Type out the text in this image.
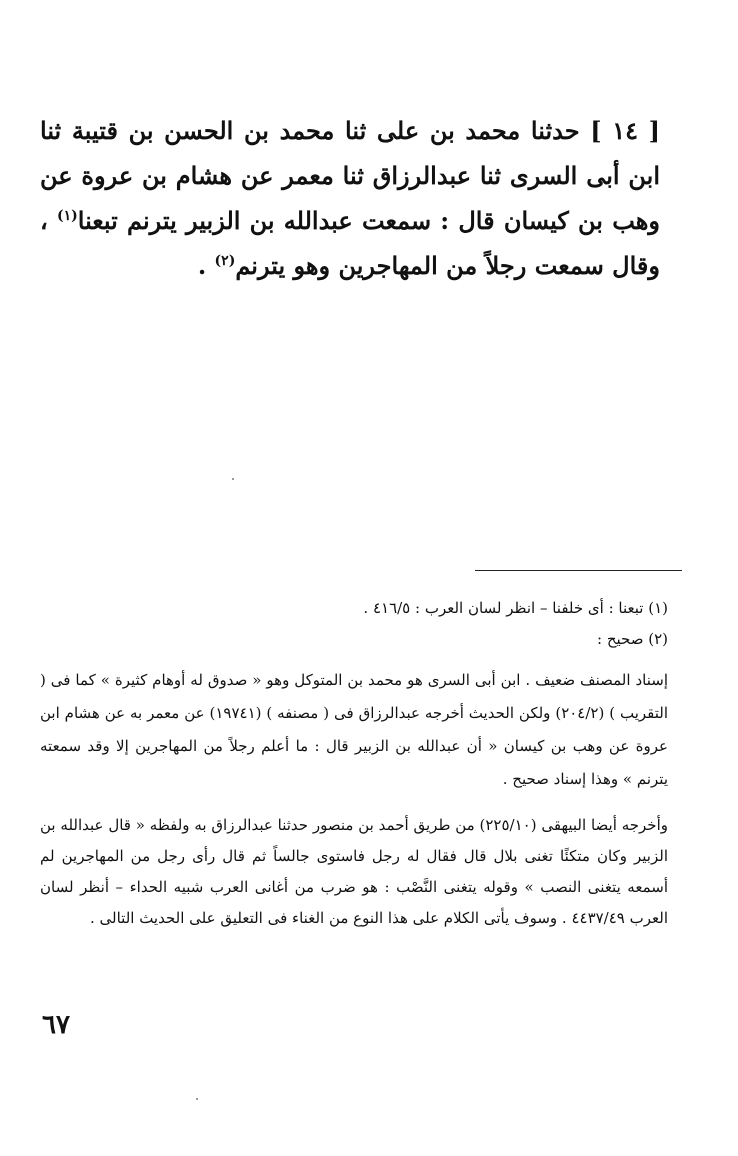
[ ١٤ ] حدثنا محمد بن على ثنا محمد بن الحسن بن قتيبة ثنا ابن أبى السرى ثنا عبدالرزاق ثنا معمر عن هشام بن عروة عن وهب بن كيسان قال : سمعت عبدالله بن الزبير يترنم تبعنا$^{(١)}$ ، وقال سمعت رجلاً من المهاجرين وهو يترنم$^{(٢)}$ .
(١) تبعنا : أى خلفنا – انظر لسان العرب : ٤١٦/٥ .
(٢) صحيح :
إسناد المصنف ضعيف . ابن أبى السرى هو محمد بن المتوكل وهو « صدوق له أوهام كثيرة » كما فى ( التقريب ) (٢٠٤/٢) ولكن الحديث أخرجه عبدالرزاق فى ( مصنفه ) (١٩٧٤١) عن معمر به عن هشام ابن عروة عن وهب بن كيسان « أن عبدالله بن الزبير قال : ما أعلم رجلاً من المهاجرين إلا وقد سمعته يترنم » وهذا إسناد صحيح .
وأخرجه أيضا البيهقى (٢٢٥/١٠) من طريق أحمد بن منصور حدثنا عبدالرزاق به ولفظه « قال عبدالله بن الزبير وكان متكئًا تغنى بلال قال فقال له رجل فاستوى جالساً ثم قال رأى رجل من المهاجرين لم أسمعه يتغنى النصب » وقوله يتغنى النَّصْب : هو ضرب من أغانى العرب شبيه الحداء – أنظر لسان العرب ٤٤٣٧/٤٩ . وسوف يأتى الكلام على هذا النوع من الغناء فى التعليق على الحديث التالى .
٦٧
